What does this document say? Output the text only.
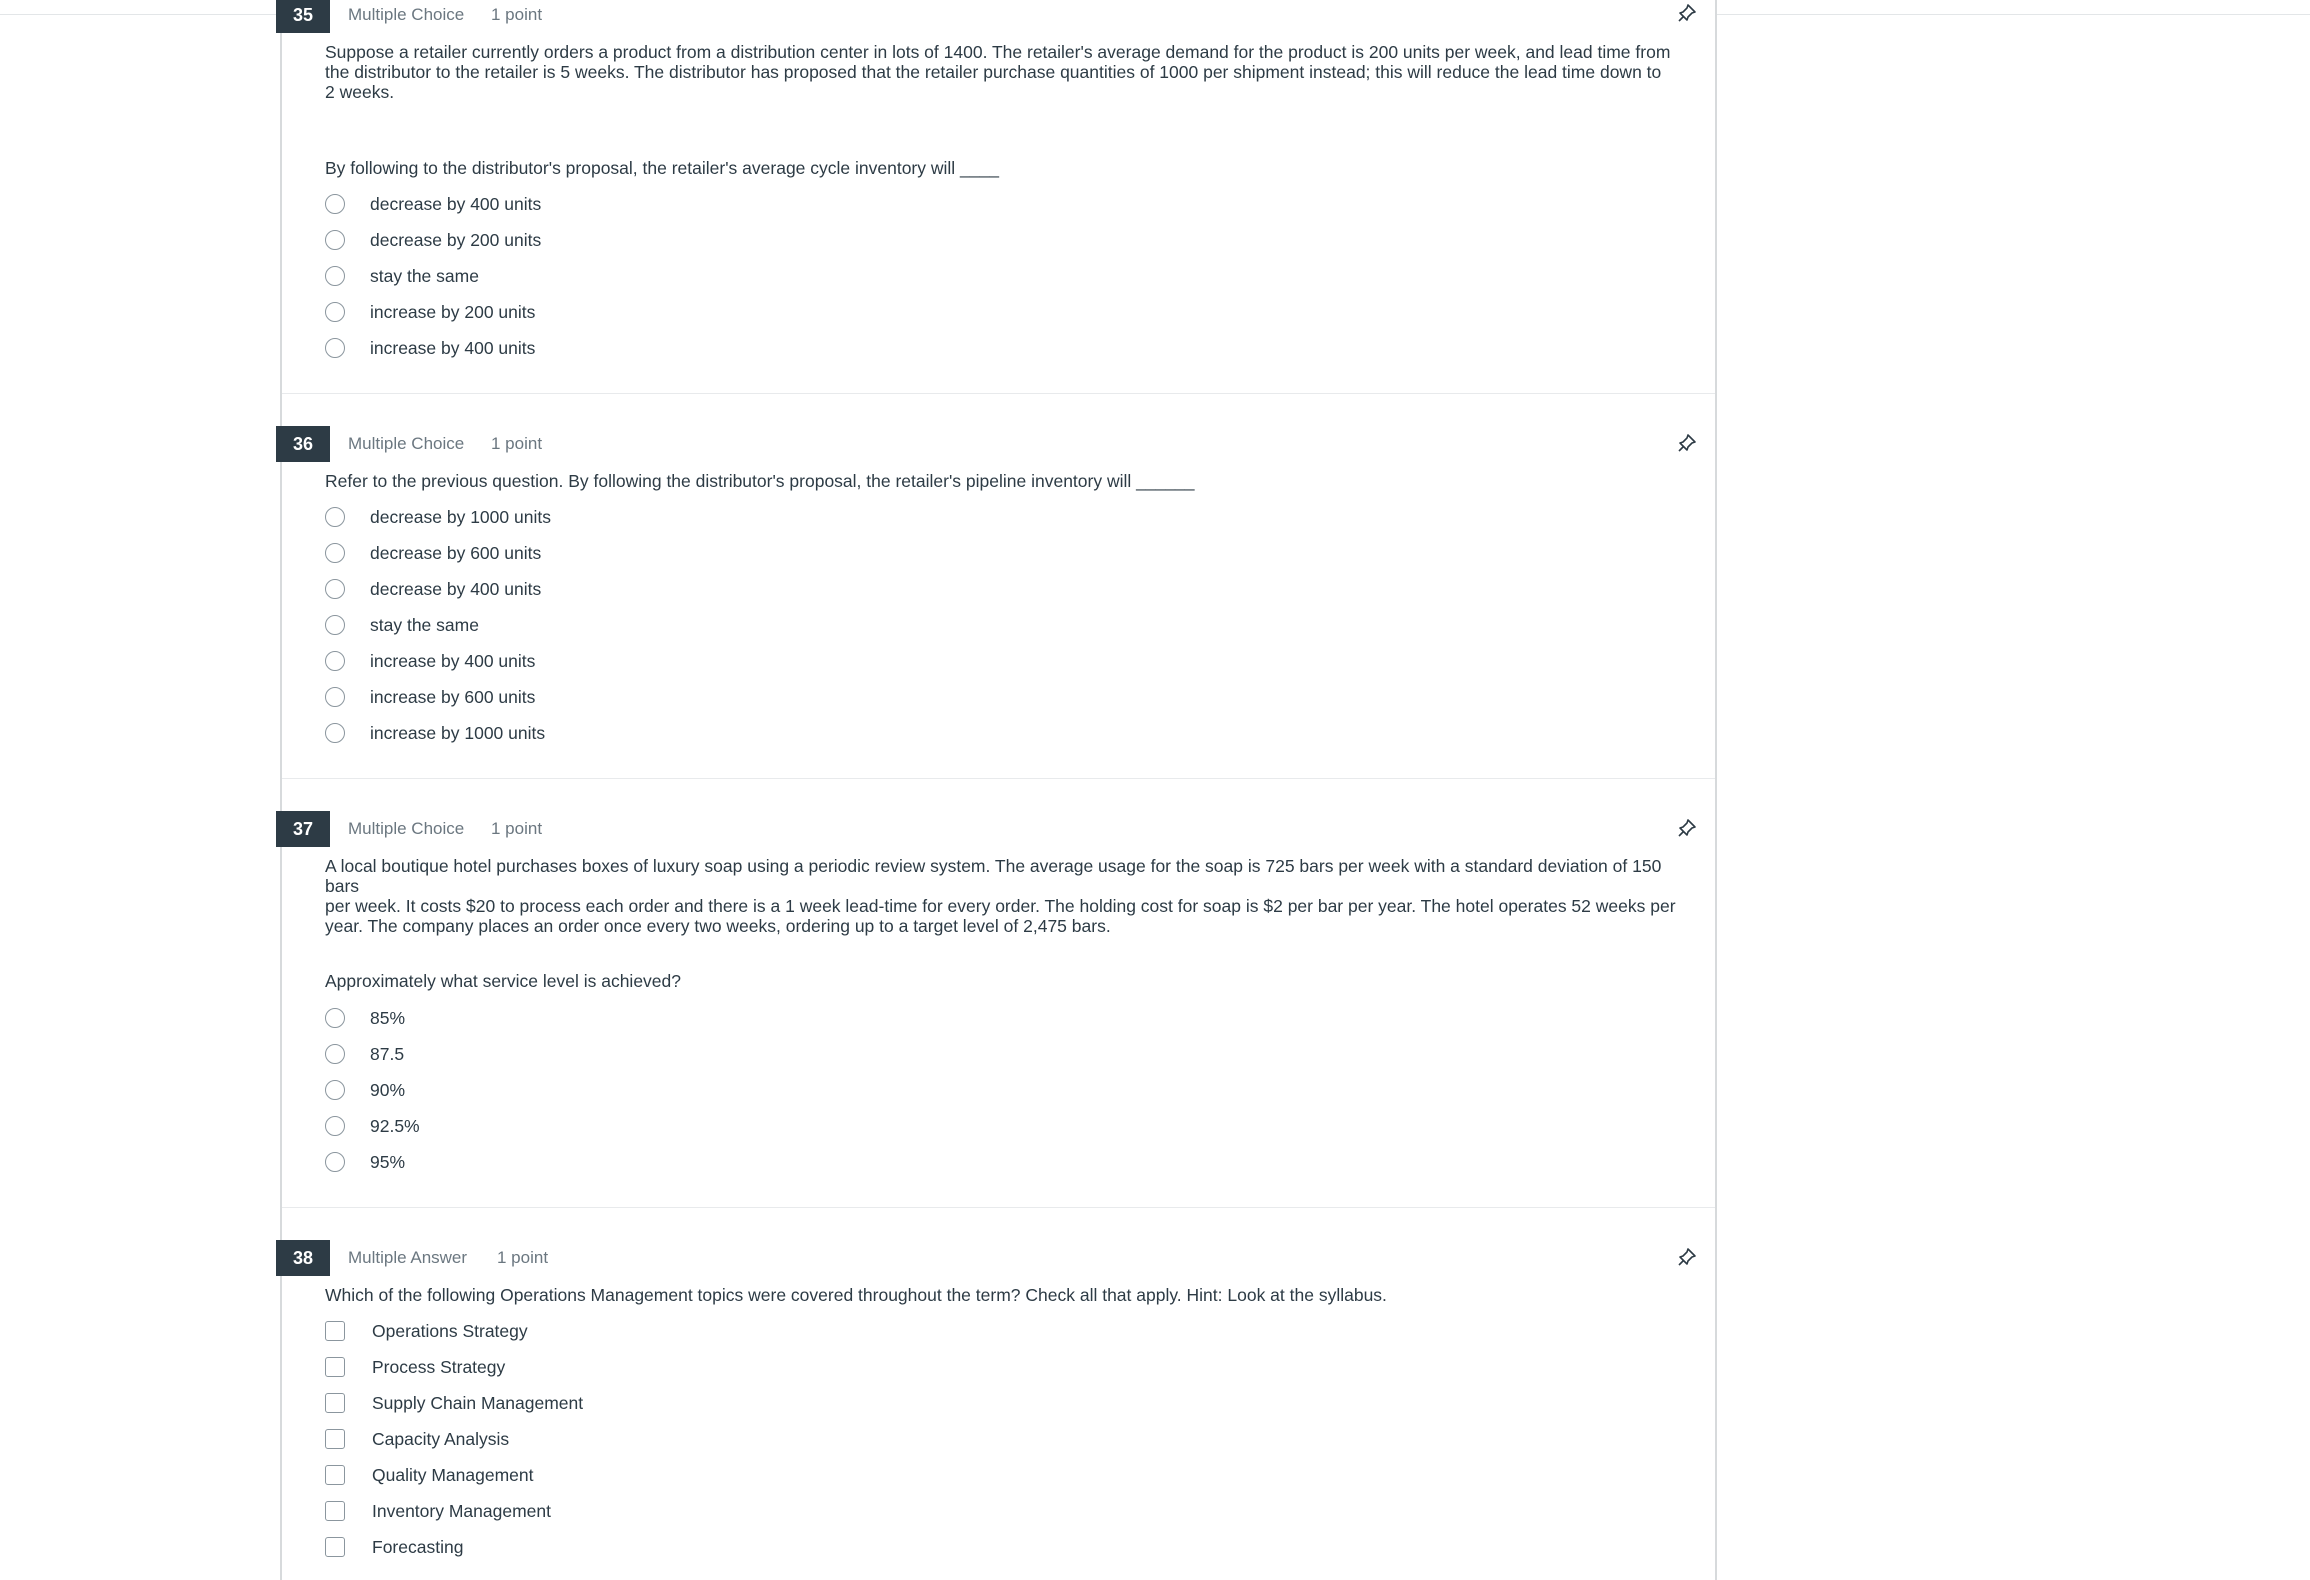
35	Multiple Choice 1 point
Suppose a retailer currently orders a product from a distribution center in lots of 1400. The retailer's average demand for the product is 200 units per week, and lead time from
the distributor to the retailer is 5 weeks. The distributor has proposed that the retailer purchase quantities of 1000 per shipment instead; this will reduce the lead time down to
2 weeks.
By following to the distributor's proposal, the retailer's average cycle inventory will ____
decrease by 400 units
decrease by 200 units
stay the same
increase by 200 units
increase by 400 units
36	Multiple Choice 1 point
Refer to the previous question. By following the distributor's proposal, the retailer's pipeline inventory will ______
decrease by 1000 units
decrease by 600 units
decrease by 400 units
stay the same
increase by 400 units
increase by 600 units
increase by 1000 units
37	Multiple Choice 1 point
A local boutique hotel purchases boxes of luxury soap using a periodic review system. The average usage for the soap is 725 bars per week with a standard deviation of 150 bars
per week. It costs $20 to process each order and there is a 1 week lead-time for every order. The holding cost for soap is $2 per bar per year. The hotel operates 52 weeks per
year. The company places an order once every two weeks, ordering up to a target level of 2,475 bars.
Approximately what service level is achieved?
85%
87.5
90%
92.5%
95%
38	Multiple Answer 1 point
Which of the following Operations Management topics were covered throughout the term? Check all that apply. Hint: Look at the syllabus.
Operations Strategy
Process Strategy
Supply Chain Management
Capacity Analysis
Quality Management
Inventory Management
Forecasting
